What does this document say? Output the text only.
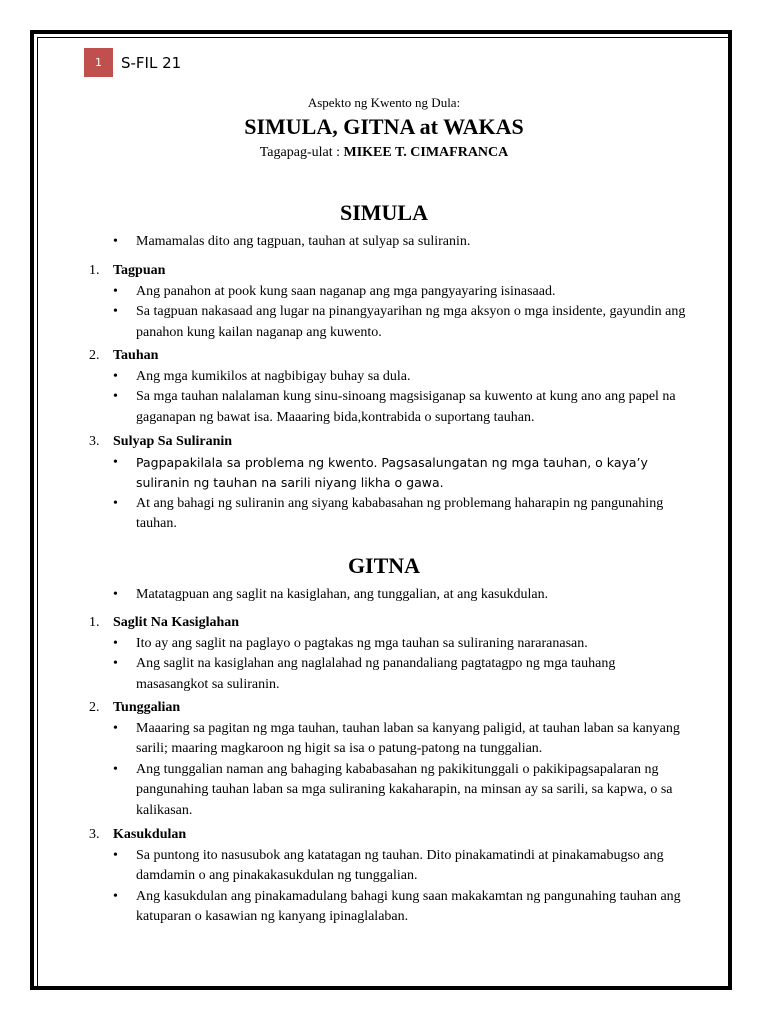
1	S-FIL 21
Aspekto ng Kwento ng Dula:
SIMULA, GITNA at WAKAS
Tagapag-ulat : MIKEE T. CIMAFRANCA
SIMULA
•	Mamamalas dito ang tagpuan, tauhan at sulyap sa suliranin.
1. Tagpuan
•	Ang panahon at pook kung saan naganap ang mga pangyayaring isinasaad.
•	Sa tagpuan nakasaad ang lugar na pinangyayarihan ng mga aksyon o mga insidente, gayundin ang panahon kung kailan naganap ang kuwento.
2. Tauhan
•	Ang mga kumikilos at nagbibigay buhay sa dula.
•	Sa mga tauhan nalalaman kung sinu-sinoang magsisiganap sa kuwento at kung ano ang papel na gaganapan ng bawat isa. Maaaring bida,kontrabida o suportang tauhan.
3. Sulyap Sa Suliranin
•	Pagpapakilala sa problema ng kwento. Pagsasalungatan ng mga tauhan, o kaya’y suliranin ng tauhan na sarili niyang likha o gawa.
•	At ang bahagi ng suliranin ang siyang kababasahan ng problemang haharapin ng pangunahing tauhan.
GITNA
•	Matatagpuan ang saglit na kasiglahan, ang tunggalian, at ang kasukdulan.
1. Saglit Na Kasiglahan
•	Ito ay ang saglit na paglayo o pagtakas ng mga tauhan sa suliraning nararanasan.
•	Ang saglit na kasiglahan ang naglalahad ng panandaliang pagtatagpo ng mga tauhang masasangkot sa suliranin.
2. Tunggalian
•	Maaaring sa pagitan ng mga tauhan, tauhan laban sa kanyang paligid, at tauhan laban sa kanyang sarili; maaring magkaroon ng higit sa isa o patung-patong na tunggalian.
•	Ang tunggalian naman ang bahaging kababasahan ng pakikitunggali o pakikipagsapalaran ng pangunahing tauhan laban sa mga suliraning kakaharapin, na minsan ay sa sarili, sa kapwa, o sa kalikasan.
3. Kasukdulan
•	Sa puntong ito nasusubok ang katatagan ng tauhan. Dito pinakamatindi at pinakamabugso ang damdamin o ang pinakakasukdulan ng tunggalian.
•	Ang kasukdulan ang pinakamadulang bahagi kung saan makakamtan ng pangunahing tauhan ang katuparan o kasawian ng kanyang ipinaglalaban.
